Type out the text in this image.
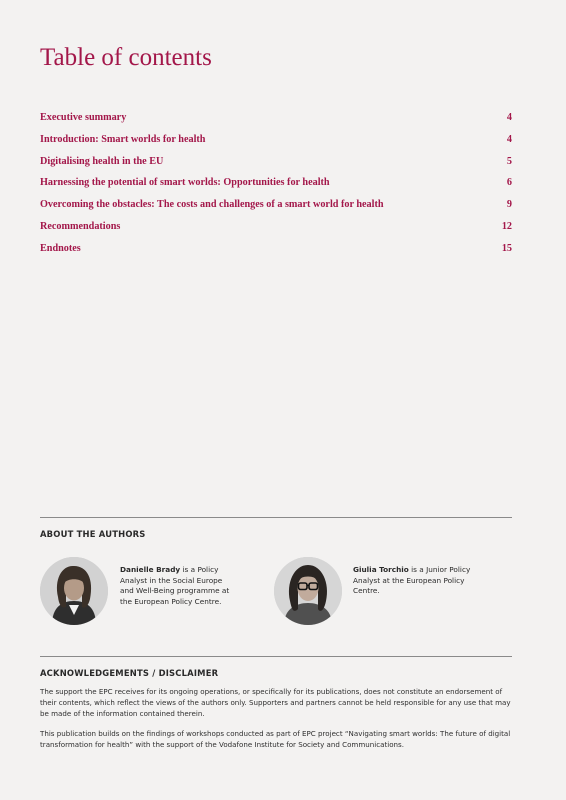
Table of contents
Executive summary	4
Introduction: Smart worlds for health	4
Digitalising health in the EU	5
Harnessing the potential of smart worlds: Opportunities for health	6
Overcoming the obstacles: The costs and challenges of a smart world for health	9
Recommendations	12
Endnotes	15
ABOUT THE AUTHORS
Danielle Brady is a Policy Analyst in the Social Europe and Well-Being programme at the European Policy Centre.
Giulia Torchio is a Junior Policy Analyst at the European Policy Centre.
ACKNOWLEDGEMENTS / DISCLAIMER

The support the EPC receives for its ongoing operations, or specifically for its publications, does not constitute an endorsement of their contents, which reflect the views of the authors only. Supporters and partners cannot be held responsible for any use that may be made of the information contained therein.

This publication builds on the findings of workshops conducted as part of EPC project “Navigating smart worlds: The future of digital transformation for health” with the support of the Vodafone Institute for Society and Communications.
